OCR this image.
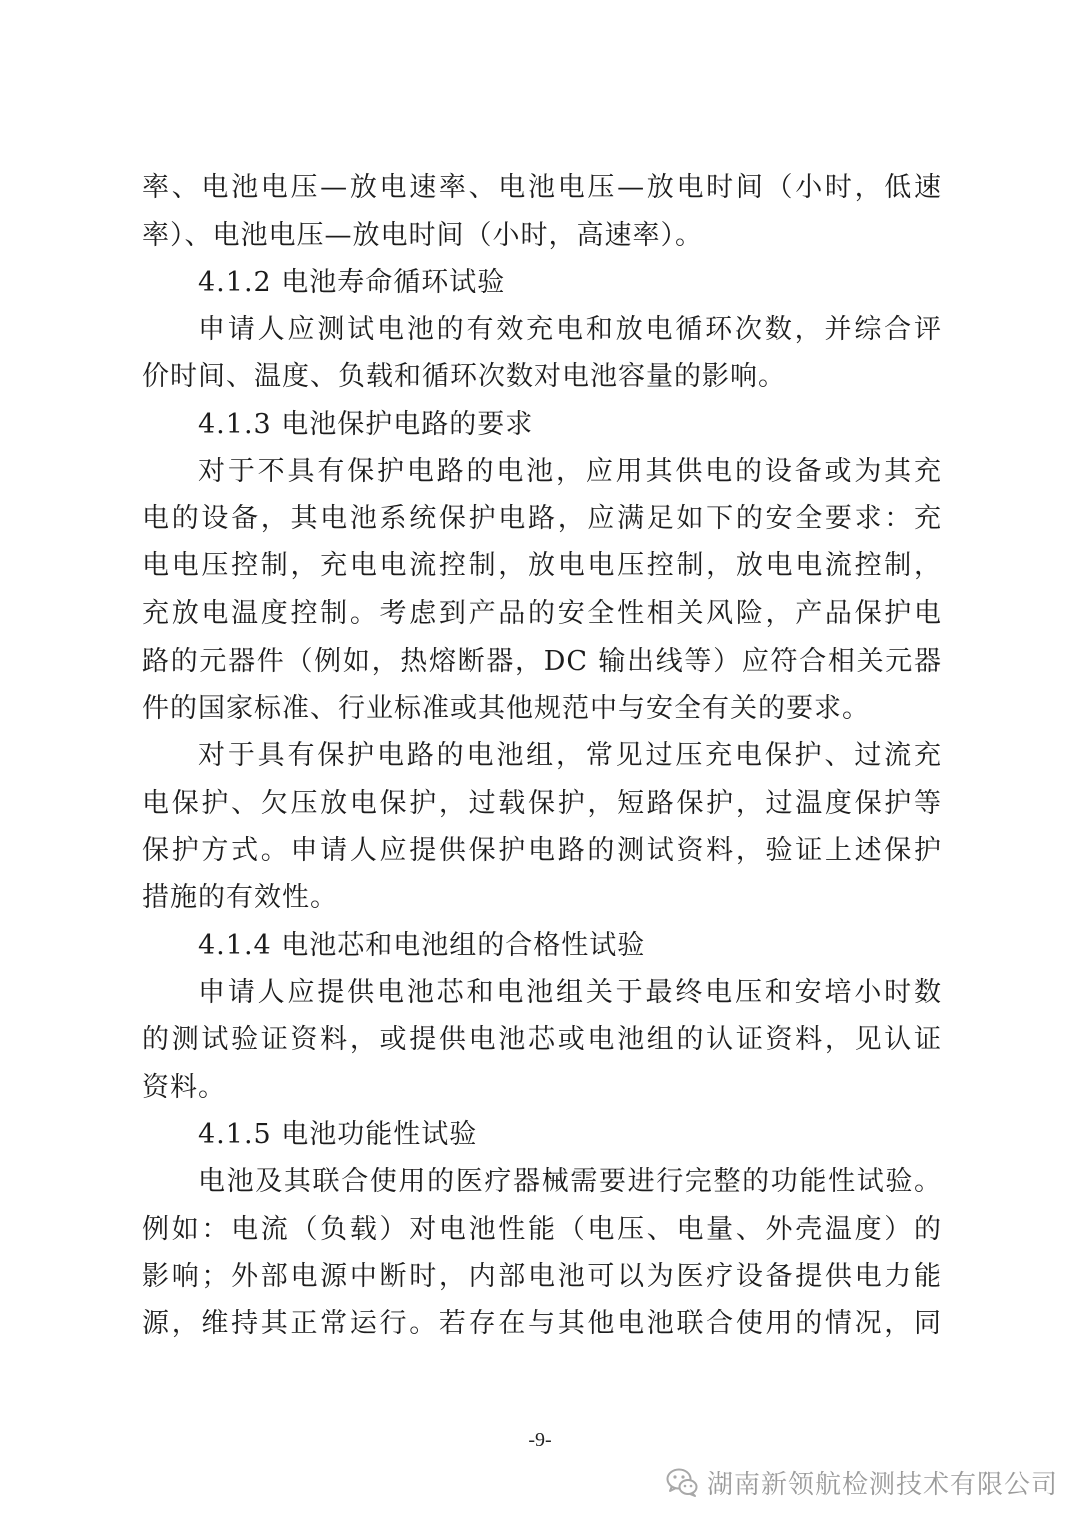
率、电池电压—放电速率、电池电压—放电时间（小时，低速
率）、电池电压—放电时间（小时，高速率）。
4.1.2 电池寿命循环试验
申请人应测试电池的有效充电和放电循环次数，并综合评
价时间、温度、负载和循环次数对电池容量的影响。
4.1.3 电池保护电路的要求
对于不具有保护电路的电池，应用其供电的设备或为其充
电的设备，其电池系统保护电路，应满足如下的安全要求：充
电电压控制，充电电流控制，放电电压控制，放电电流控制，
充放电温度控制。考虑到产品的安全性相关风险，产品保护电
路的元器件（例如，热熔断器，DC 输出线等）应符合相关元器
件的国家标准、行业标准或其他规范中与安全有关的要求。
对于具有保护电路的电池组，常见过压充电保护、过流充
电保护、欠压放电保护，过载保护，短路保护，过温度保护等
保护方式。申请人应提供保护电路的测试资料，验证上述保护
措施的有效性。
4.1.4 电池芯和电池组的合格性试验
申请人应提供电池芯和电池组关于最终电压和安培小时数
的测试验证资料，或提供电池芯或电池组的认证资料，见认证
资料。
4.1.5 电池功能性试验
电池及其联合使用的医疗器械需要进行完整的功能性试验。
例如：电流（负载）对电池性能（电压、电量、外壳温度）的
影响；外部电源中断时，内部电池可以为医疗设备提供电力能
源，维持其正常运行。若存在与其他电池联合使用的情况，同
-9-
湖南新领航检测技术有限公司
